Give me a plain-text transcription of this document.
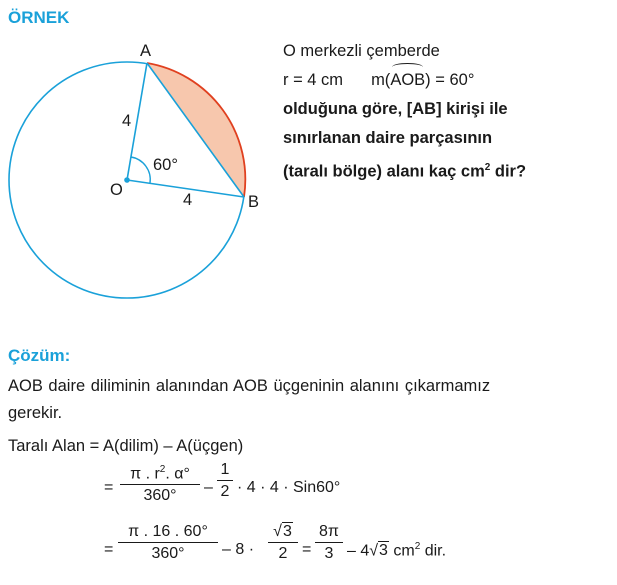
ÖRNEK
A
B
O
4
4
60°
O merkezli çemberde
r = 4 cm m(AOB) = 60°
olduğuna göre, [AB] kirişi ile
sınırlanan daire parçasının
(taralı bölge) alanı kaç $cm^2$ dir?
Çözüm:
AOB daire diliminin alanından AOB üçgeninin alanını çıkarmamız
gerekir.
Taralı Alan = A(dilim) – A(üçgen)
=
π . $r^2$. α°
360°	–
1
2 · 4 · 4 · Sin60°
=
π . 16 . 60°
360°	– 8 ·
√3
2 =
8π
3 – 4√3 $cm^2$ dir.
